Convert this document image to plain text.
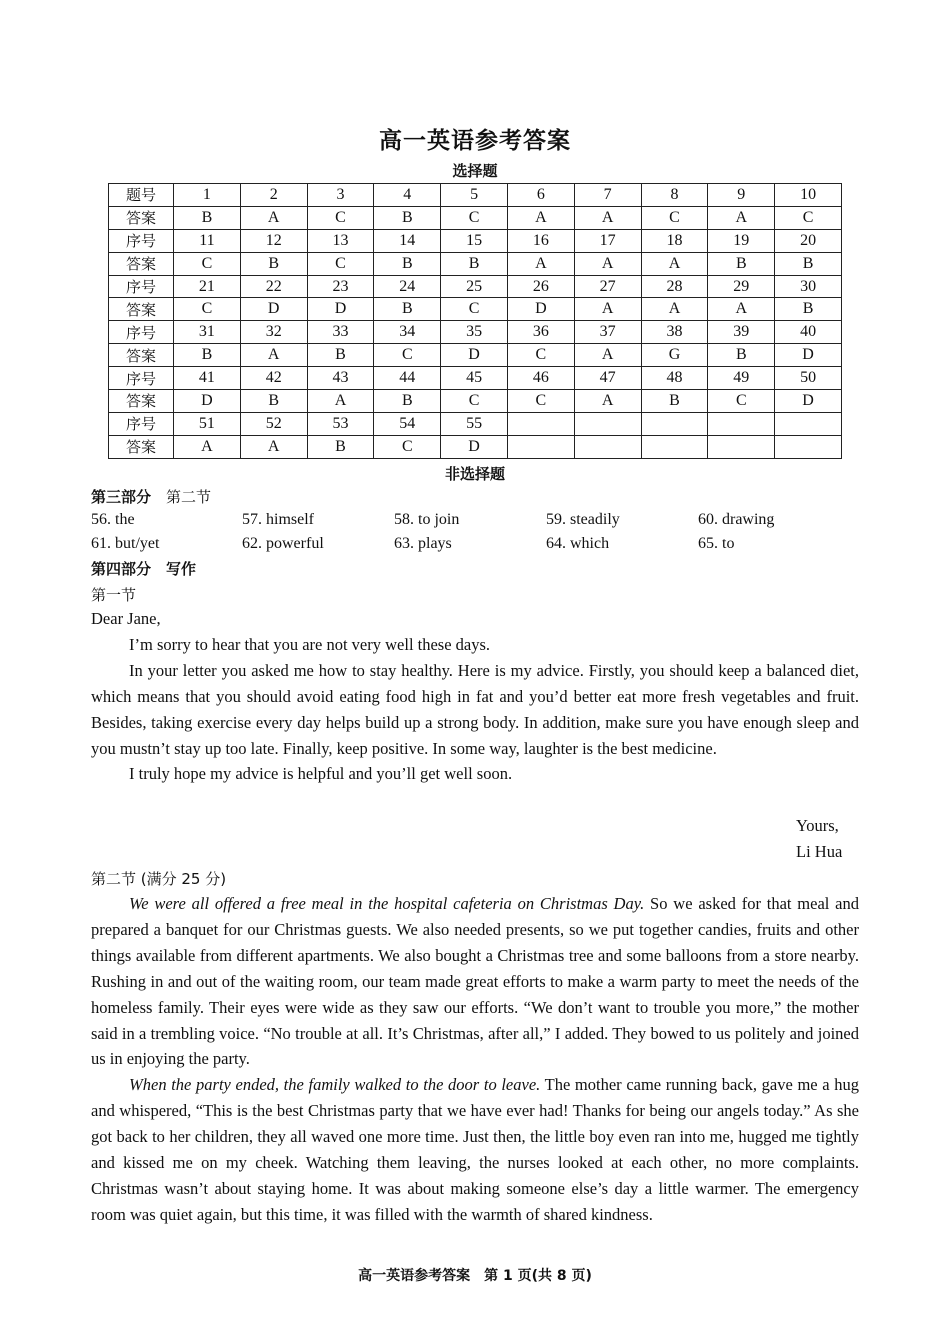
高一英语参考答案
选择题
题号	1	2	3	4	5	6	7	8	9	10
答案	B	A	C	B	C	A	A	C	A	C
序号	11	12	13	14	15	16	17	18	19	20
答案	C	B	C	B	B	A	A	A	B	B
序号	21	22	23	24	25	26	27	28	29	30
答案	C	D	D	B	C	D	A	A	A	B
序号	31	32	33	34	35	36	37	38	39	40
答案	B	A	B	C	D	C	A	G	B	D
序号	41	42	43	44	45	46	47	48	49	50
答案	D	B	A	B	C	C	A	B	C	D
序号	51	52	53	54	55					
答案	A	A	B	C	D					
非选择题
第三部分 第二节
56. the	57. himself	58. to join	59. steadily	60. drawing
61. but/yet	62. powerful	63. plays	64. which	65. to
第四部分 写作
第一节

Dear Jane,

I’m sorry to hear that you are not very well these days.

In your letter you asked me how to stay healthy. Here is my advice. Firstly, you should keep a balanced diet, which means that you should avoid eating food high in fat and you’d better eat more fresh vegetables and fruit. Besides, taking exercise every day helps build up a strong body. In addition, make sure you have enough sleep and you mustn’t stay up too late. Finally, keep positive. In some way, laughter is the best medicine.

I truly hope my advice is helpful and you’ll get well soon.

Yours,
Li Hua
第二节 (满分 25 分)

We were all offered a free meal in the hospital cafeteria on Christmas Day. So we asked for that meal and prepared a banquet for our Christmas guests. We also needed presents, so we put together candies, fruits and other things available from different apartments. We also bought a Christmas tree and some balloons from a store nearby. Rushing in and out of the waiting room, our team made great efforts to make a warm party to meet the needs of the homeless family. Their eyes were wide as they saw our efforts. “We don’t want to trouble you more,” the mother said in a trembling voice. “No trouble at all. It’s Christmas, after all,” I added. They bowed to us politely and joined us in enjoying the party.

When the party ended, the family walked to the door to leave. The mother came running back, gave me a hug and whispered, “This is the best Christmas party that we have ever had! Thanks for being our angels today.” As she got back to her children, they all waved one more time. Just then, the little boy even ran into me, hugged me tightly and kissed me on my cheek. Watching them leaving, the nurses looked at each other, no more complaints. Christmas wasn’t about staying home. It was about making someone else’s day a little warmer. The emergency room was quiet again, but this time, it was filled with the warmth of shared kindness.

高一英语参考答案　第 1 页(共 8 页)
